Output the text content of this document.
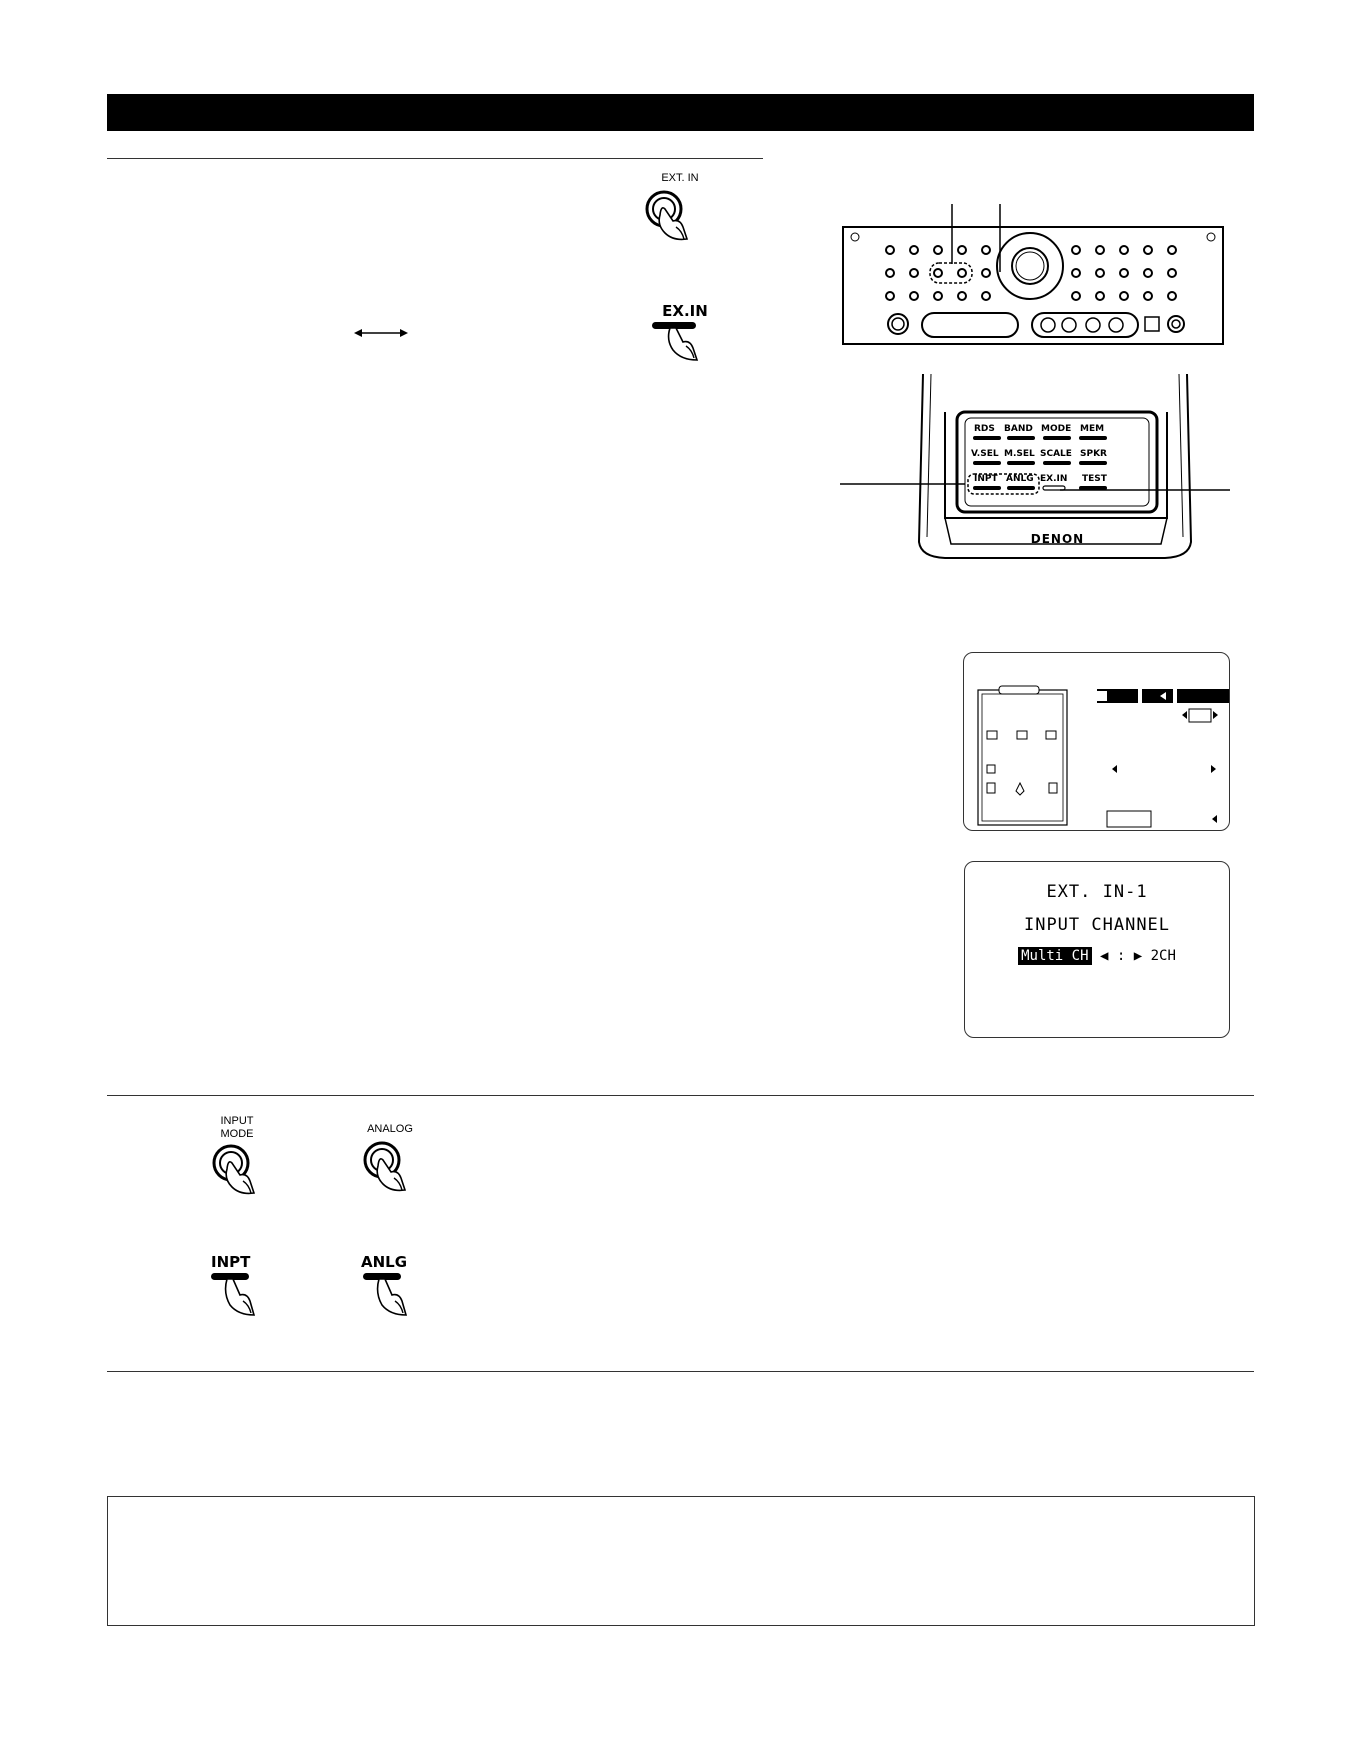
EXT. IN
EX.IN
RDS BAND MODE MEM
V.SEL M.SEL SCALE SPKR
INPT ANLG EX.IN TEST
DENON
EXT. IN-1
INPUT CHANNEL
Multi CH ◀ : ▶ 2CH
INPUT
MODE	ANALOG
INPT	ANLG
